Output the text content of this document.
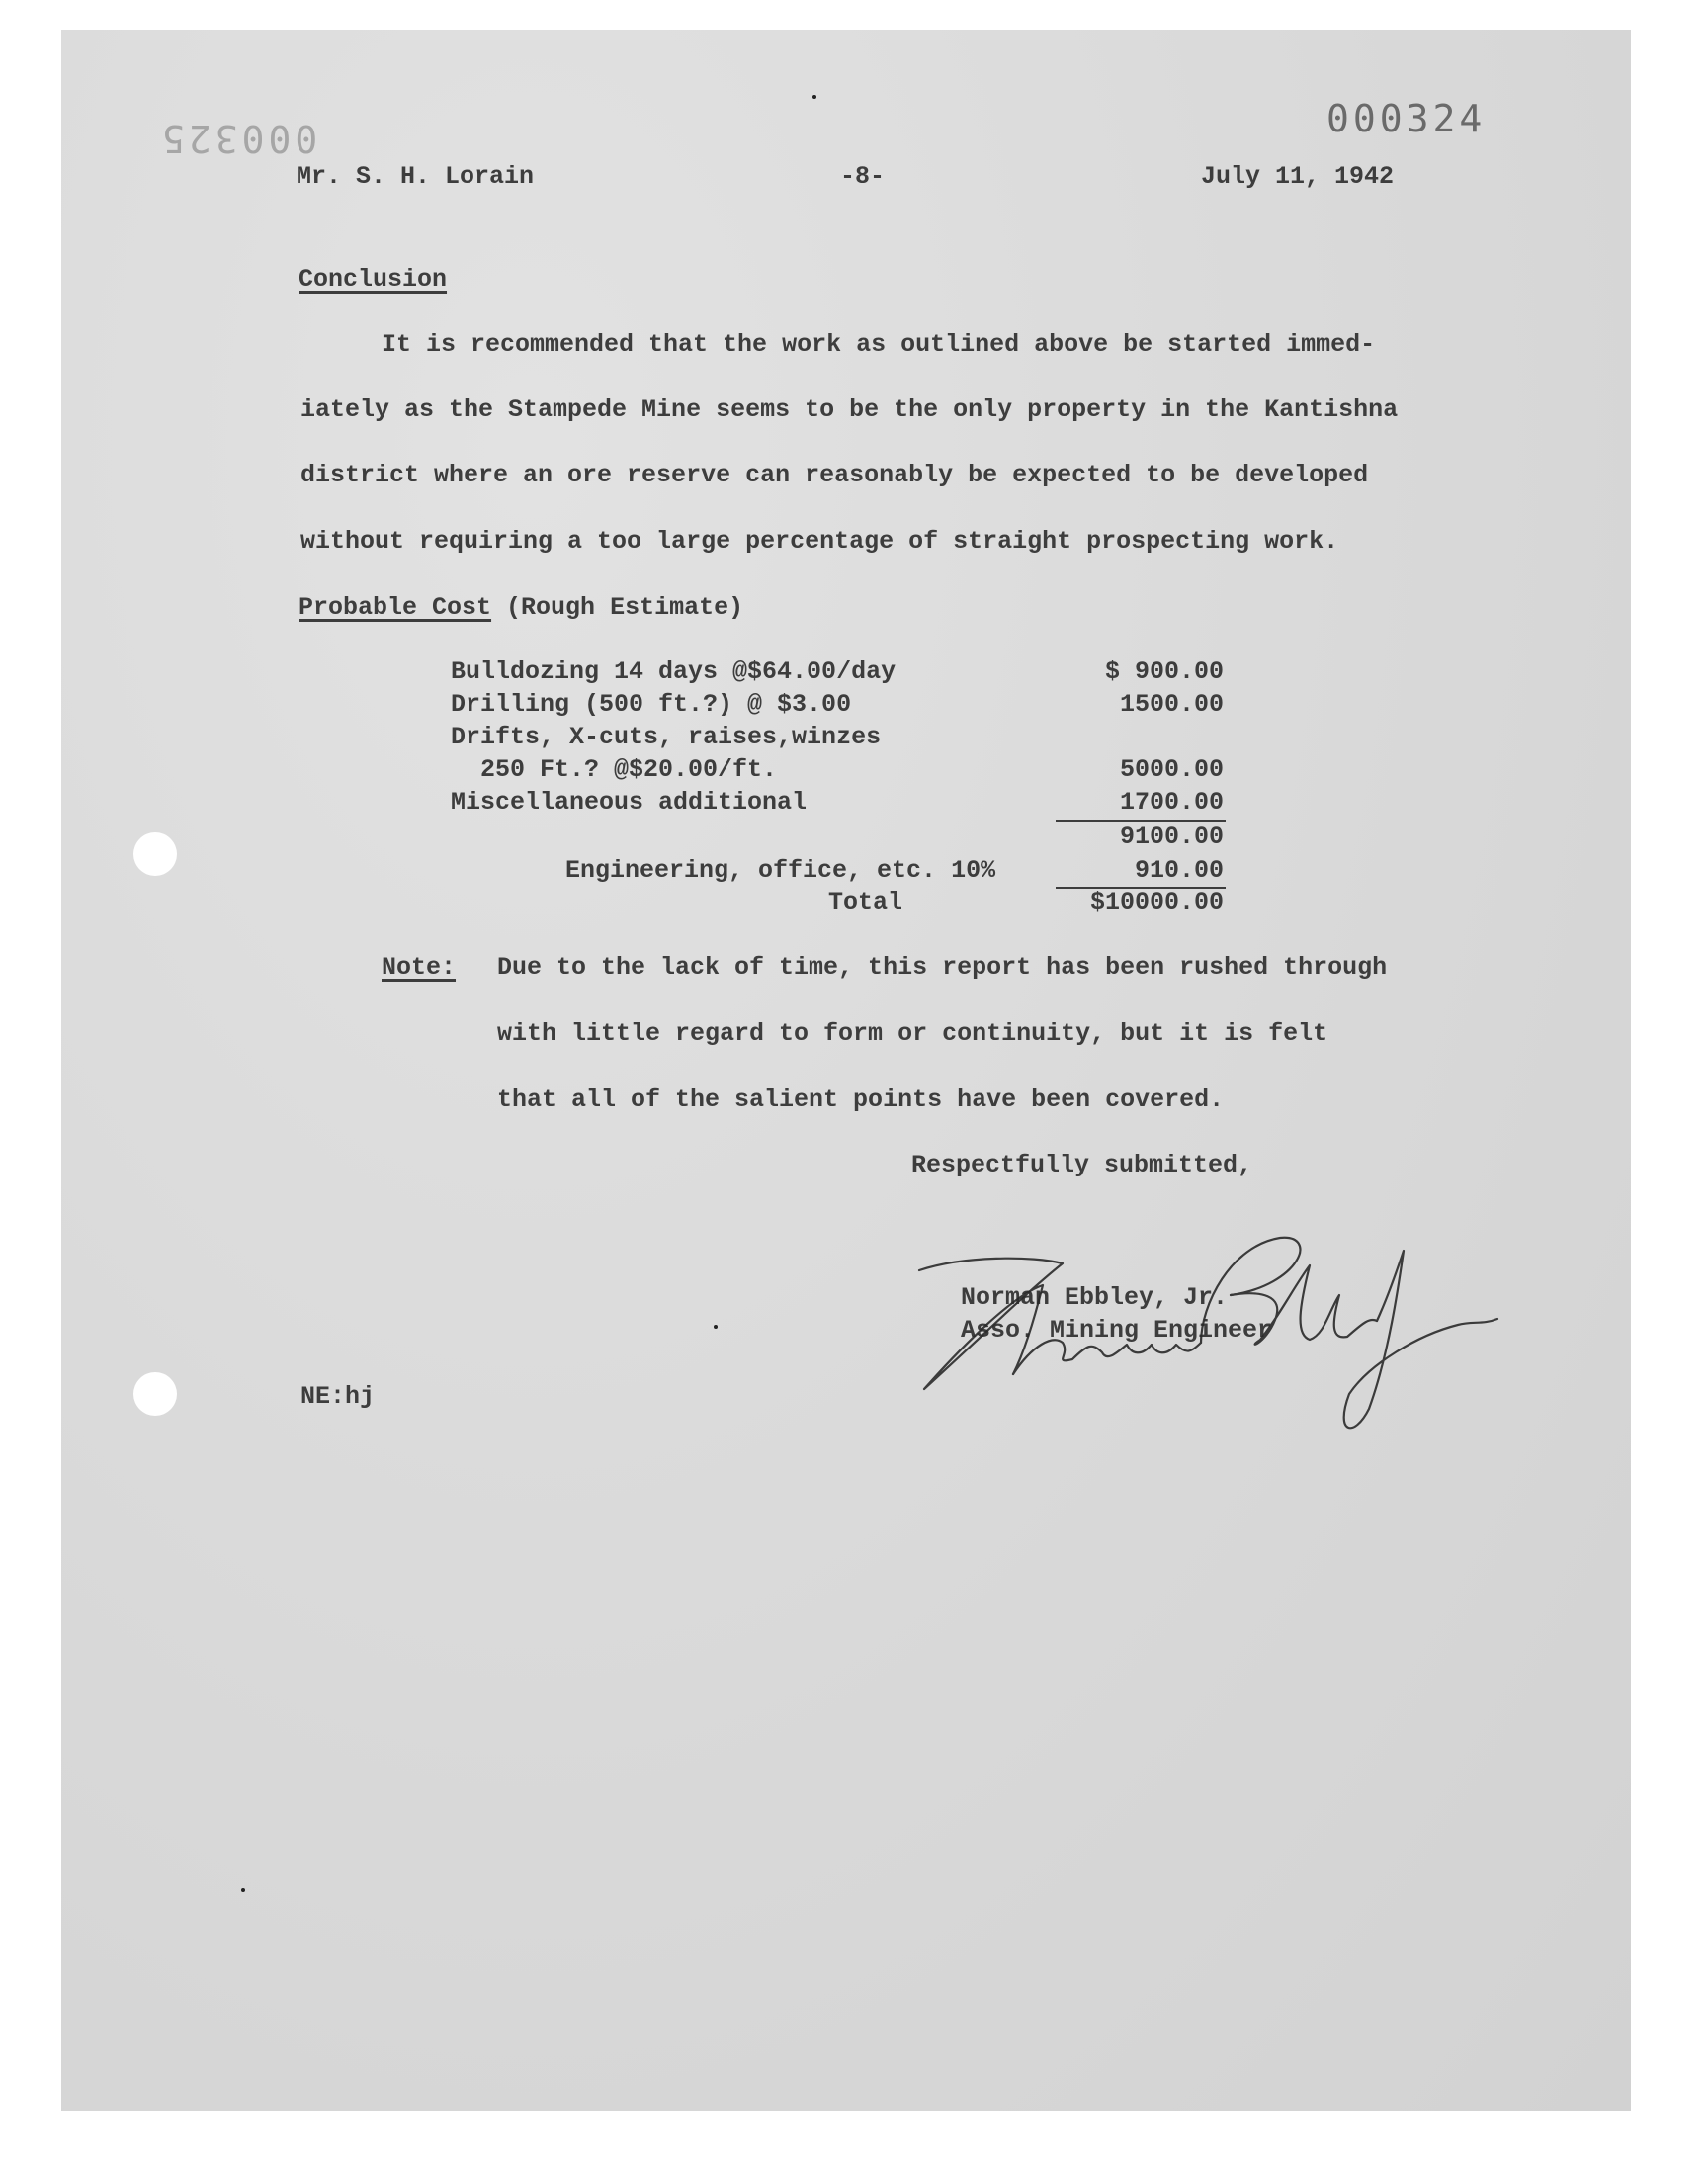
000325	000324
Mr. S. H. Lorain	-8-	July 11, 1942
Conclusion
It is recommended that the work as outlined above be started immed-
iately as the Stampede Mine seems to be the only property in the Kantishna
district where an ore reserve can reasonably be expected to be developed
without requiring a too large percentage of straight prospecting work.
Probable Cost (Rough Estimate)
Bulldozing 14 days @$64.00/day	$ 900.00
Drilling (500 ft.?) @ $3.00	1500.00
Drifts, X-cuts, raises,winzes
250 Ft.? @$20.00/ft.	5000.00
Miscellaneous additional	1700.00
9100.00
Engineering, office, etc. 10%	910.00
Total	$10000.00
Note: Due to the lack of time, this report has been rushed through
with little regard to form or continuity, but it is felt
that all of the salient points have been covered.
Respectfully submitted,
Norman Ebbley, Jr.
Asso. Mining Engineer
NE:hj
